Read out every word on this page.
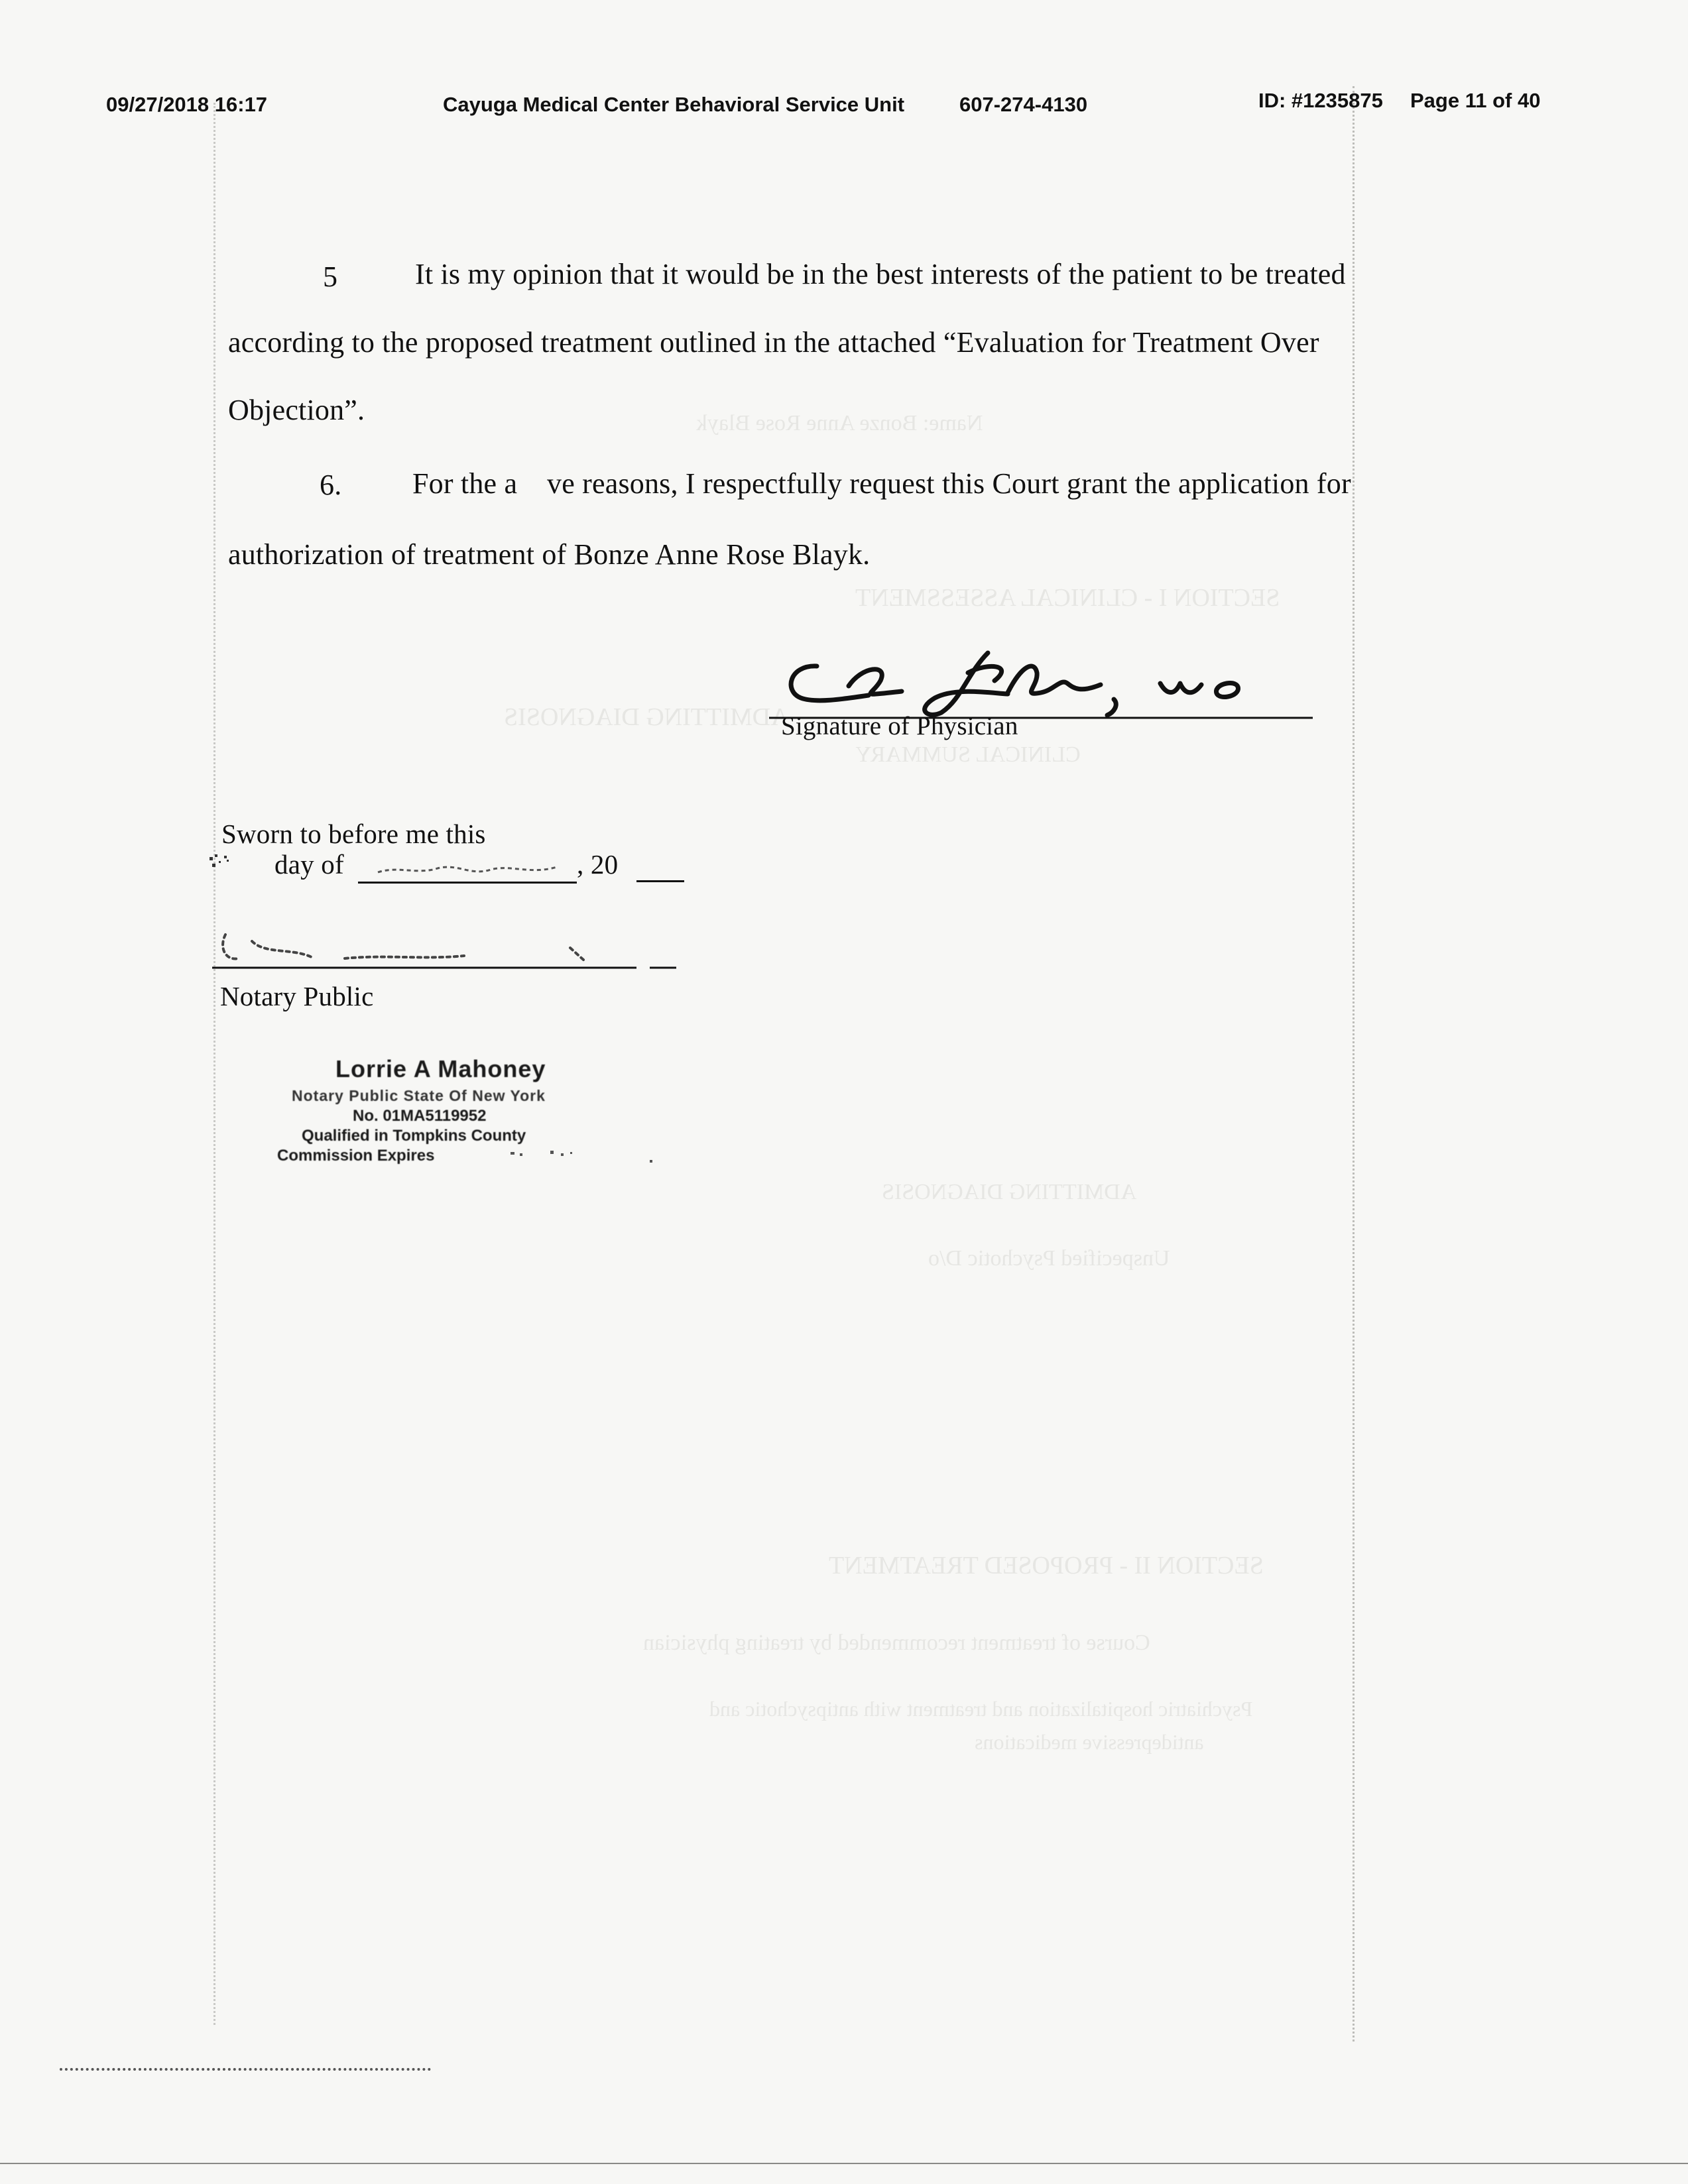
ADMITTING DIAGNOSIS
CLINICAL SUMMARY
SECTION I - CLINICAL ASSESSMENT
Name: Bonze Anne Rose Blayk
ADMITTING DIAGNOSIS
Unspecified Psychotic D/o
SECTION II - PROPOSED TREATMENT
Course of treatment recommended by treating physician
Psychiatric hospitalization and treatment with antipsychotic and
antidepressive medications
09/27/2018 16:17	Cayuga Medical Center Behavioral Service Unit	607-274-4130	ID: #1235875 Page 11 of 40
5	It is my opinion that it would be in the best interests of the patient to be treated
according to the proposed treatment outlined in the attached “Evaluation for Treatment Over
Objection”.
6. For the a    ve reasons, I respectfully request this Court grant the application for
authorization of treatment of Bonze Anne Rose Blayk.
Signature of Physician
Sworn to before me this
day of	, 20
Notary Public
Lorrie A Mahoney
Notary Public State Of New York
No. 01MA5119952
Qualified in Tompkins County
Commission Expires
